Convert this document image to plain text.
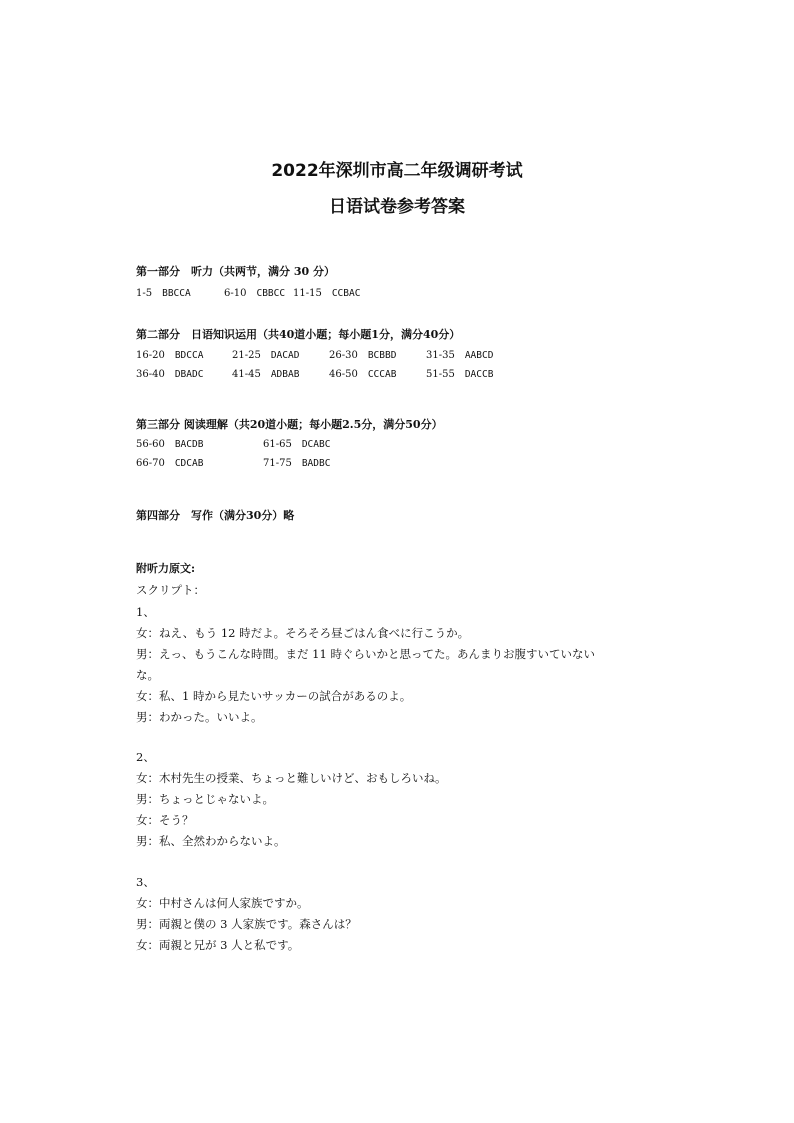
2022年深圳市高二年级调研考试
日语试卷参考答案
第一部分　听力（共两节，满分 30 分）
1-5 BBCCA	6-10 CBBCC 11-15 CCBAC
第二部分　日语知识运用（共40道小题；每小题1分，满分40分）
16-20 BDCCA	21-25 DACAD	26-30 BCBBD	31-35 AABCD
36-40 DBADC	41-45 ADBAB	46-50 CCCAB	51-55 DACCB
第三部分 阅读理解（共20道小题；每小题2.5分，满分50分）
56-60 BACDB	61-65 DCABC
66-70 CDCAB	71-75 BADBC
第四部分　写作（满分30分）略
附听力原文:
スクリプト：
1、
女：ねえ、もう 12 時だよ。そろそろ昼ごはん食べに行こうか。
男：えっ、もうこんな時間。まだ 11 時ぐらいかと思ってた。あんまりお腹すいていない
な。
女：私、1 時から見たいサッカーの試合があるのよ。
男：わかった。いいよ。
2、
女：木村先生の授業、ちょっと難しいけど、おもしろいね。
男：ちょっとじゃないよ。
女：そう？
男：私、全然わからないよ。
3、
女：中村さんは何人家族ですか。
男：両親と僕の 3 人家族です。森さんは？
女：両親と兄が 3 人と私です。
